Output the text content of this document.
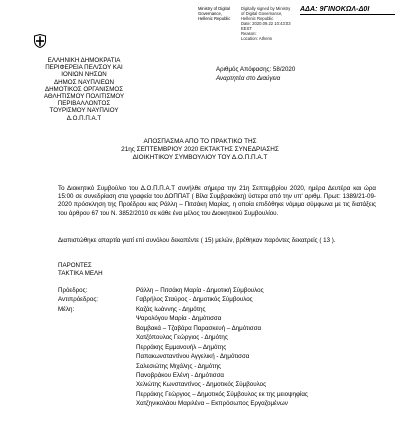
ΑΔΑ: 9ΓΙΝΟΚΩΛ-Δ0Ι
Ministry of Digital
Governance,
Hellenic Republic
Digitally signed by Ministry
of Digital Governance,
Hellenic Republic
Date: 2020.09.22 10:43:03
EEST
Reason:
Location: Athens
ΕΛΛΗΝΙΚΗ ΔΗΜΟΚΡΑΤΙΑ
ΠΕΡΙΦΕΡΕΙΑ ΠΕΛ/ΣΟΥ ΚΑΙ
ΙΟΝΙΩΝ ΝΗΣΩΝ
ΔΗΜΟΣ ΝΑΥΠΛΙΕΩΝ
ΔΗΜΟΤΙΚΟΣ ΟΡΓΑΝΙΣΜΟΣ
ΑΘΛΗΤΙΣΜΟΥ ΠΟΛΙΤΙΣΜΟΥ
ΠΕΡΙΒΑΛΛΟΝΤΟΣ
ΤΟΥΡΙΣΜΟΥ ΝΑΥΠΛΙΟΥ
Δ.Ο.Π.Π.Α.Τ
Αριθμός Απόφασης: 58/2020
Αναρτητέα στο Διαύγεια
ΑΠΟΣΠΑΣΜΑ ΑΠΟ ΤΟ ΠΡΑΚΤΙΚΟ ΤΗΣ
21ης ΣΕΠΤΕΜΒΡΙΟΥ 2020 ΕΚΤΑΚΤΗΣ ΣΥΝΕΔΡΙΑΣΗΣ
ΔΙΟΙΚΗΤΙΚΟΥ ΣΥΜΒΟΥΛΙΟΥ ΤΟΥ Δ.Ο.Π.Π.Α.Τ
Το Διοικητικό Συμβούλιο του Δ.Ο.Π.Π.Α.Τ συνήλθε σήμερα την 21η Σεπτεμβρίου 2020, ημέρα Δευτέρα και ώρα 15:00 σε συνεδρίαση στα γραφεία του ΔΟΠΠΑΤ ( Βίλα Συμβρακάκη) ύστερα από την υπ' αριθμ. Πρωτ: 1389/21-09-2020 πρόσκληση της Προέδρου κας Ράλλη – Πιτσάκη Μαρίας, η οποία επιδόθηκε νόμιμα σύμφωνα με τις διατάξεις του άρθρου 67 του Ν. 3852/2010 σε κάθε ένα μέλος του Διοικητικού Συμβουλίου.
Διαπιστώθηκε απαρτία γιατί επί συνόλου δεκαπέντε ( 15) μελών, βρέθηκαν παρόντες δεκατρείς ( 13 ).
ΠΑΡΟΝΤΕΣ
ΤΑΚΤΙΚΑ ΜΕΛΗ
Πρόεδρος:	Ράλλη – Πιτσάκη Μαρία - Δημοτική Σύμβουλος
Αντιπρόεδρος:	Γαβρήλος Σταύρος - Δημοτικός Σύμβουλος
Μέλη:	Καζάς Ιωάννης - Δημότης
Ψαρολόγου Μαρία - Δημότισσα
Βαμβακά – Τζαβάρα Παρασκευή – Δημότισσα
Χατζόπουλος Γεώργιος - Δημότης
Περράκης Εμμανουήλ – Δημότης
Παπακωνσταντίνου Αγγελική - Δημότισσα
Σαλεσιώτης Μιχάλης - Δημότης
Πανοβράκου Ελένη - Δημότισσα
Χελιώτης Κωνσταντίνος - Δημοτικός Σύμβουλος
Περράκης Γεώργιος – Δημοτικός Σύμβουλος εκ της μειοψηφίας
Χατζηνικολάου Μαριλένα – Εκπρόσωπος Εργαζομένων
